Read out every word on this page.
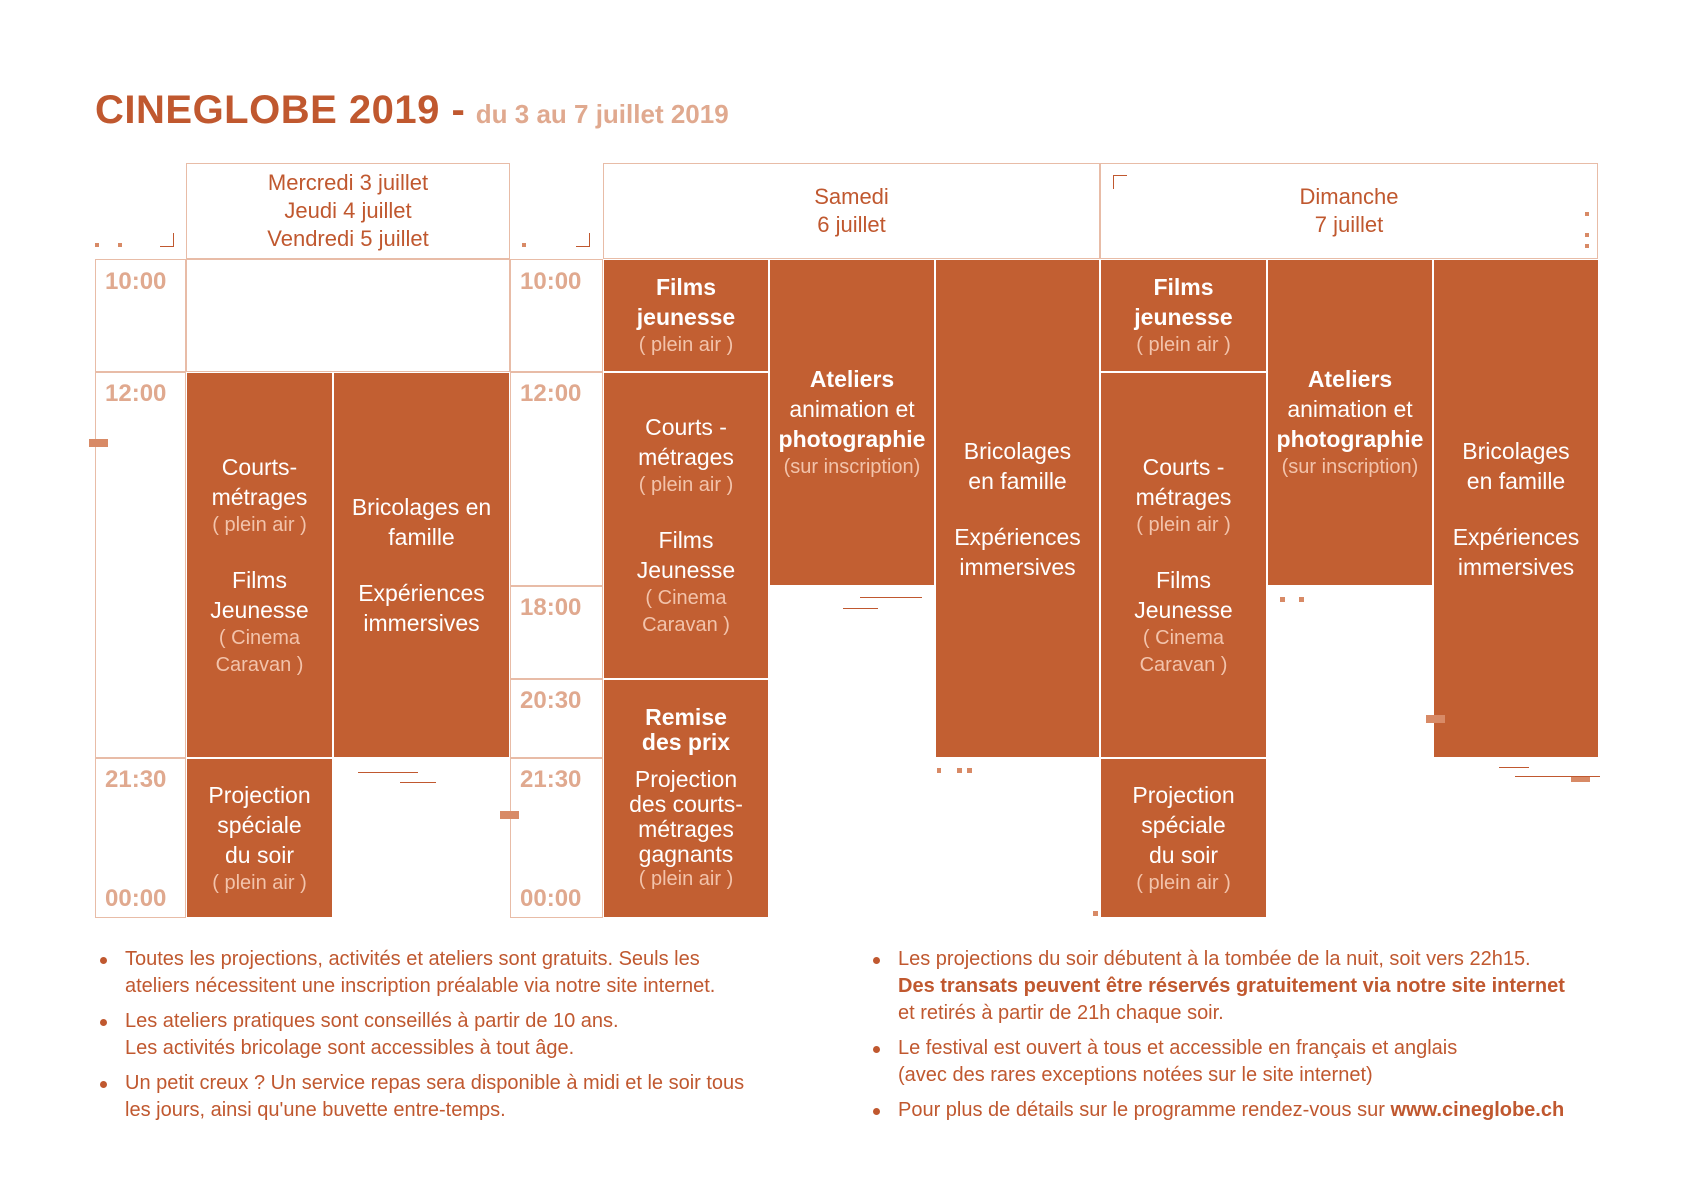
CINEGLOBE 2019 - du 3 au 7 juillet 2019
Mercredi 3 juillet
Jeudi 4 juillet
Vendredi 5 juillet
Samedi
6 juillet
Dimanche
7 juillet
10:00
12:00
21:30
00:00
10:00
12:00
18:00
20:30
21:30
00:00
Courts-
métrages
( plein air )
Films
Jeunesse
( Cinema
Caravan )
Bricolages en
famille
Expériences
immersives
Projection
spéciale
du soir
( plein air )
Films jeunesse
( plein air )
Courts -
métrages
( plein air )
Films
Jeunesse
( Cinema
Caravan )
Remise
des prix
Projection
des courts-
métrages
gagnants
( plein air )
Ateliers
animation et
photographie
(sur inscription)
Bricolages
en famille
Expériences
immersives
Films jeunesse
( plein air )
Courts -
métrages
( plein air )
Films
Jeunesse
( Cinema
Caravan )
Projection
spéciale
du soir
( plein air )
Ateliers
animation et
photographie
(sur inscription)
Bricolages
en famille
Expériences
immersives
Toutes les projections, activités et ateliers sont gratuits. Seuls les
ateliers nécessitent une inscription préalable via notre site internet.
Les ateliers pratiques sont conseillés à partir de 10 ans.
Les activités bricolage sont accessibles à tout âge.
Un petit creux ? Un service repas sera disponible à midi et le soir tous
les jours, ainsi qu'une buvette entre-temps.
Les projections du soir débutent à la tombée de la nuit, soit vers 22h15.
Des transats peuvent être réservés gratuitement via notre site internet
et retirés à partir de 21h chaque soir.
Le festival est ouvert à tous et accessible en français et anglais
(avec des rares exceptions notées sur le site internet)
Pour plus de détails sur le programme rendez-vous sur www.cineglobe.ch
